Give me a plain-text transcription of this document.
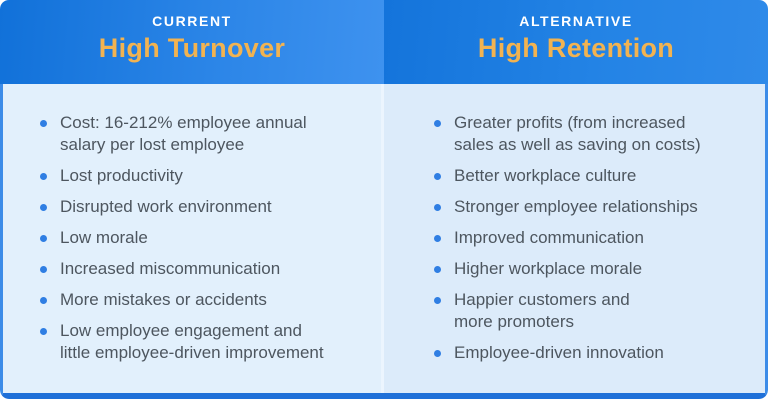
CURRENT
High Turnover
ALTERNATIVE
High Retention
Cost: 16-212% employee annual
salary per lost employee
Lost productivity
Disrupted work environment
Low morale
Increased miscommunication
More mistakes or accidents
Low employee engagement and
little employee-driven improvement
Greater profits (from increased
sales as well as saving on costs)
Better workplace culture
Stronger employee relationships
Improved communication
Higher workplace morale
Happier customers and
more promoters
Employee-driven innovation
